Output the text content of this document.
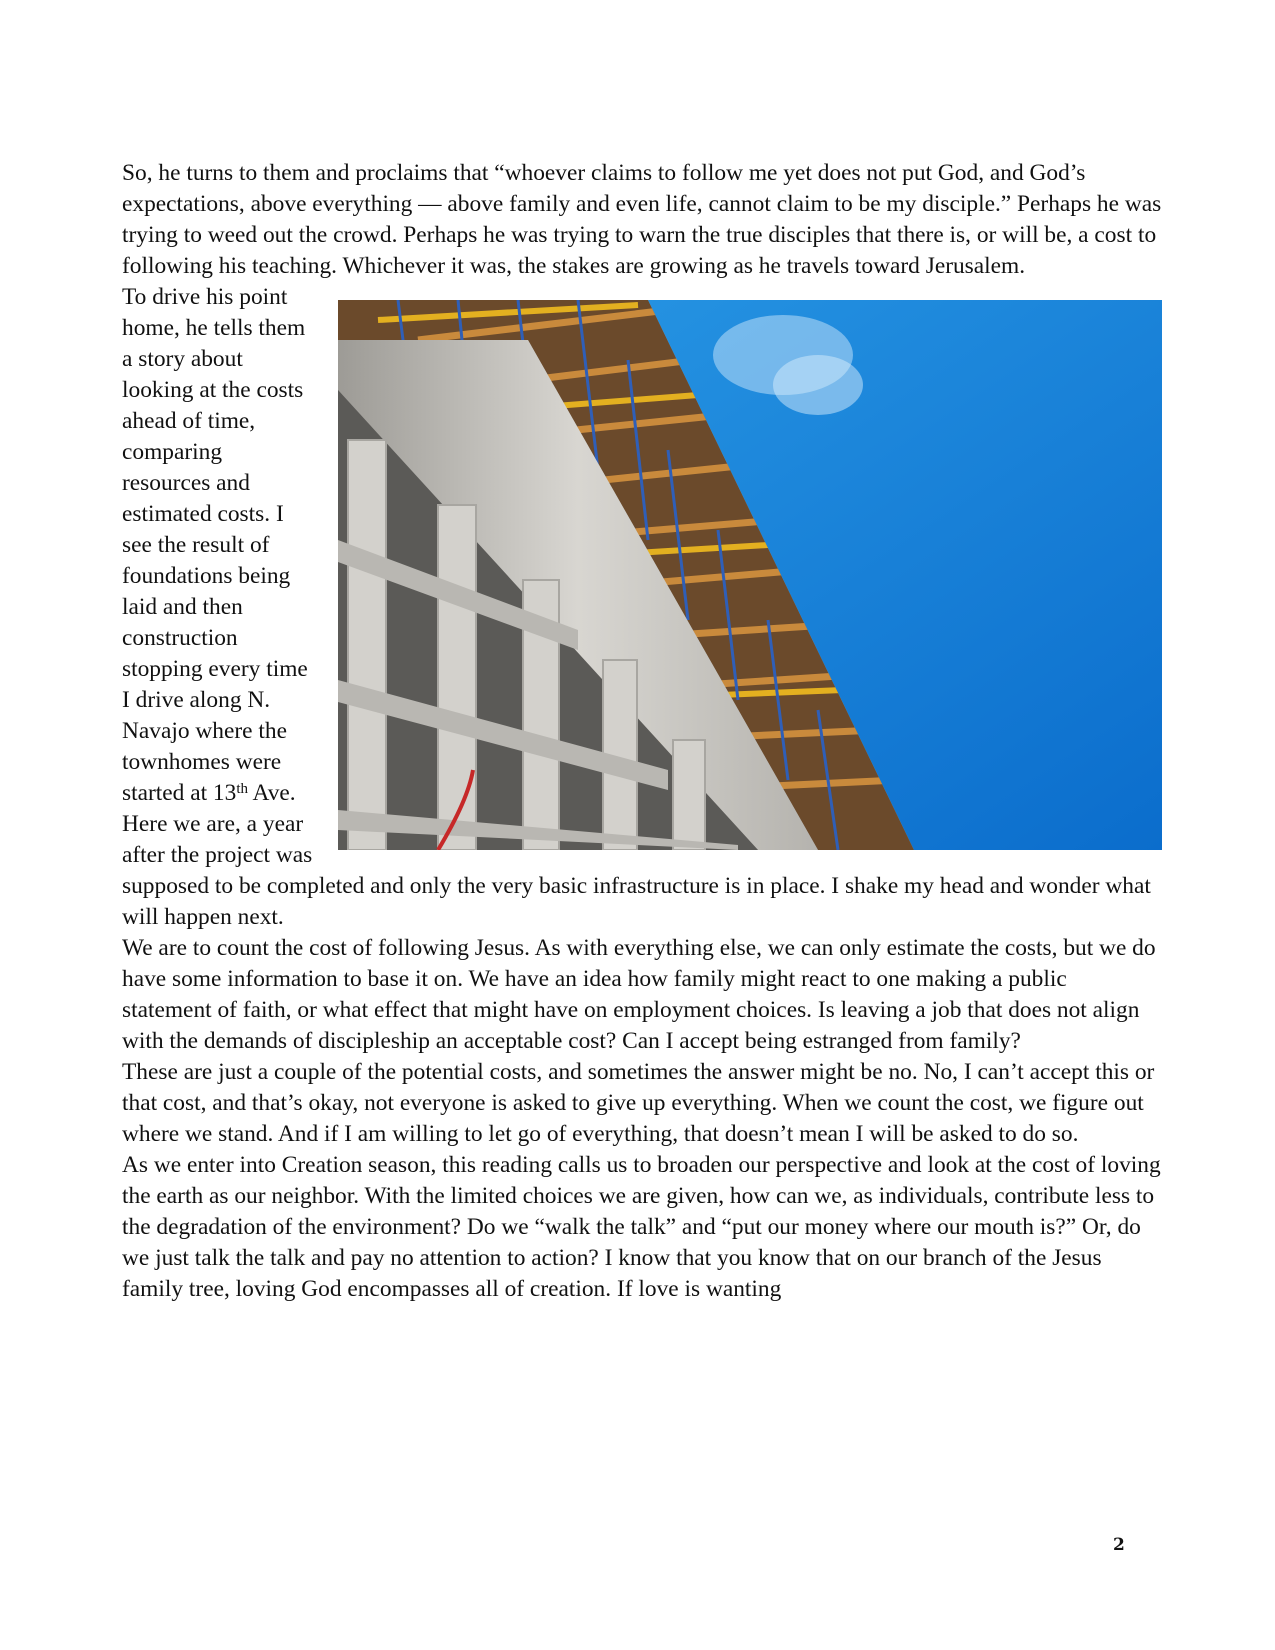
So, he turns to them and proclaims that “whoever claims to follow me yet does not put God, and God’s expectations, above everything — above family and even life, cannot claim to be my disciple.” Perhaps he was trying to weed out the crowd. Perhaps he was trying to warn the true disciples that there is, or will be, a cost to following his teaching. Whichever it was, the stakes are growing as he travels toward Jerusalem.

To drive his point home, he tells them a story about looking at the costs ahead of time, comparing resources and estimated costs. I see the result of foundations being laid and then construction stopping every time I drive along N. Navajo where the townhomes were started at 13th Ave. Here we are, a year after the project was supposed to be completed and only the very basic infrastructure is in place. I shake my head and wonder what will happen next.

We are to count the cost of following Jesus. As with everything else, we can only estimate the costs, but we do have some information to base it on. We have an idea how family might react to one making a public statement of faith, or what effect that might have on employment choices. Is leaving a job that does not align with the demands of discipleship an acceptable cost? Can I accept being estranged from family?

These are just a couple of the potential costs, and sometimes the answer might be no. No, I can’t accept this or that cost, and that’s okay, not everyone is asked to give up everything. When we count the cost, we figure out where we stand. And if I am willing to let go of everything, that doesn’t mean I will be asked to do so.

As we enter into Creation season, this reading calls us to broaden our perspective and look at the cost of loving the earth as our neighbor. With the limited choices we are given, how can we, as individuals, contribute less to the degradation of the environment? Do we “walk the talk” and “put our money where our mouth is?” Or, do we just talk the talk and pay no attention to action? I know that you know that on our branch of the Jesus family tree, loving God encompasses all of creation. If love is wanting

2
